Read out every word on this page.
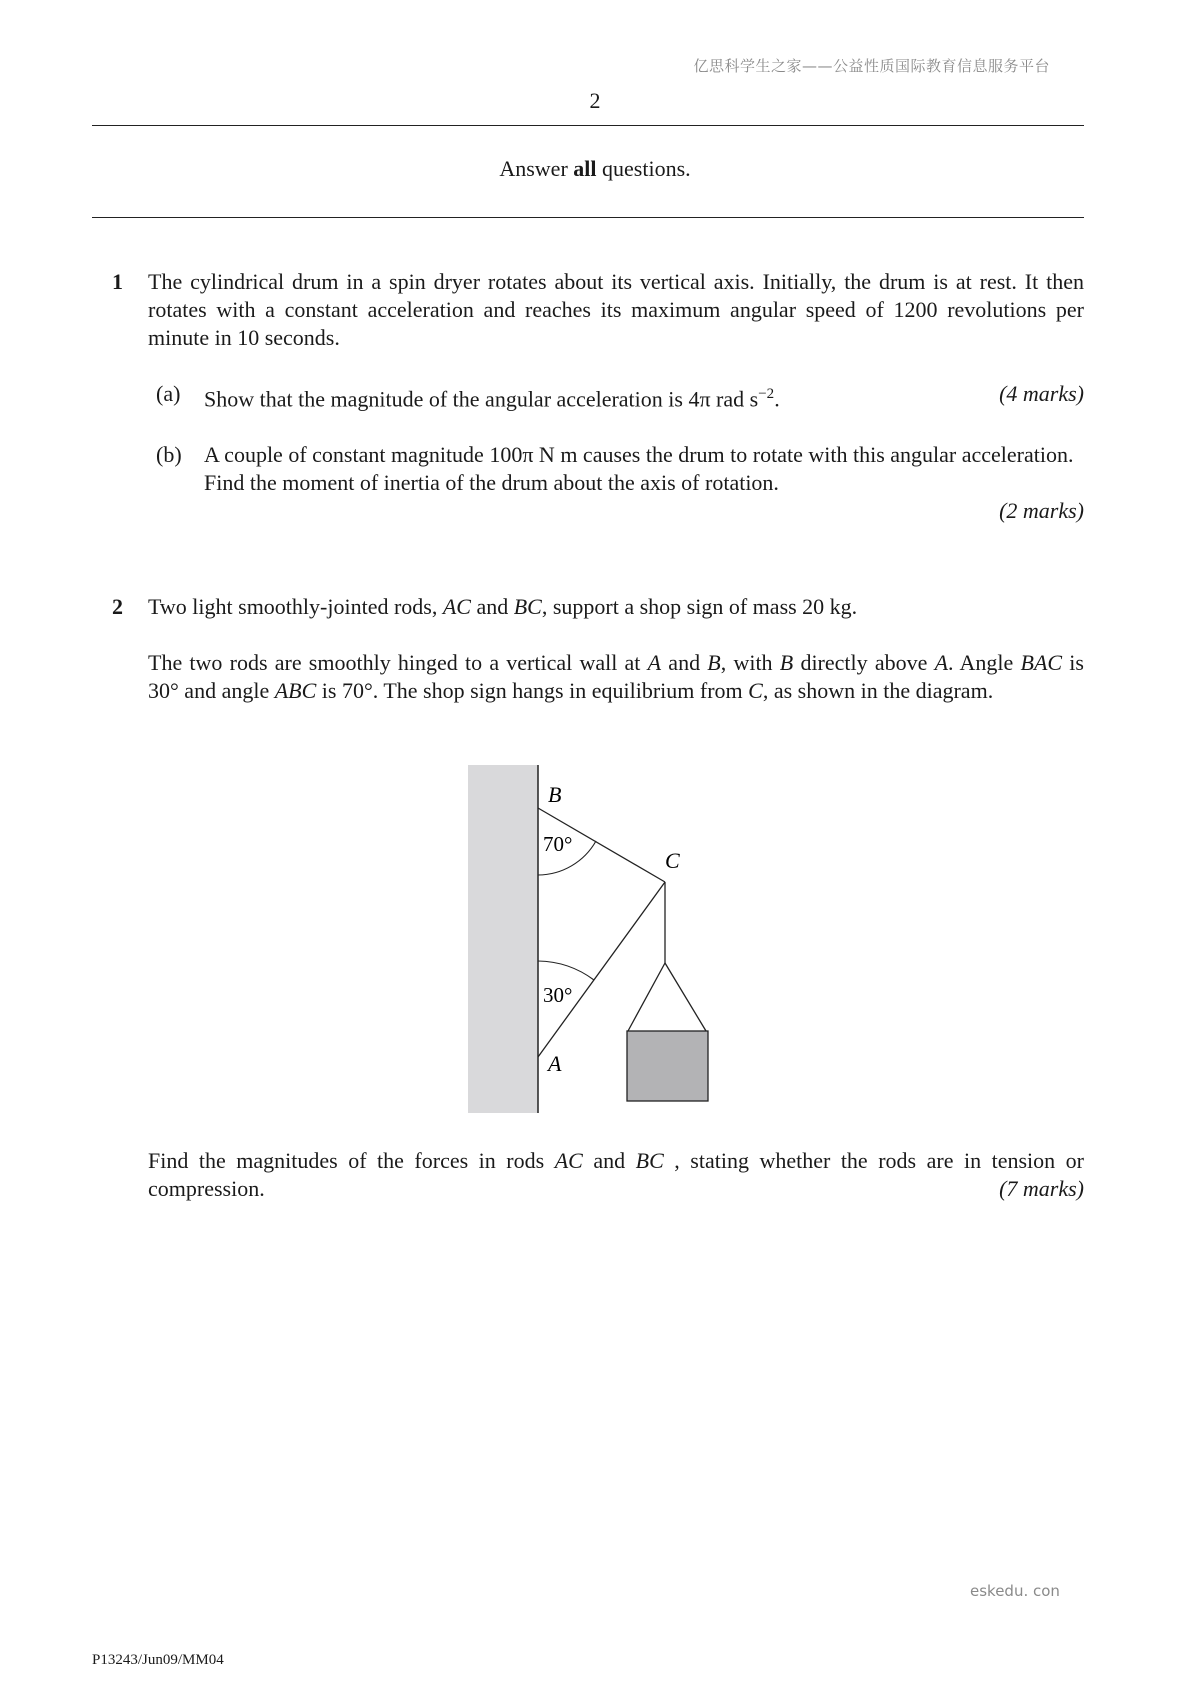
亿思科学生之家——公益性质国际教育信息服务平台
2
Answer all questions.
1 The cylindrical drum in a spin dryer rotates about its vertical axis. Initially, the drum is at rest. It then rotates with a constant acceleration and reaches its maximum angular speed of 1200 revolutions per minute in 10 seconds.
(a) Show that the magnitude of the angular acceleration is 4π rad $s^{-2}$.	(4 marks)
(b) A couple of constant magnitude 100π N m causes the drum to rotate with this angular acceleration. Find the moment of inertia of the drum about the axis of rotation.
(2 marks)
2 Two light smoothly-jointed rods, AC and BC, support a shop sign of mass 20 kg.
The two rods are smoothly hinged to a vertical wall at A and B, with B directly above A. Angle BAC is 30° and angle ABC is 70°. The shop sign hangs in equilibrium from C, as shown in the diagram.
B
C
A
70°
30°
Find the magnitudes of the forces in rods AC and BC , stating whether the rods are in tension or compression.	(7 marks)
eskedu. con
P13243/Jun09/MM04
